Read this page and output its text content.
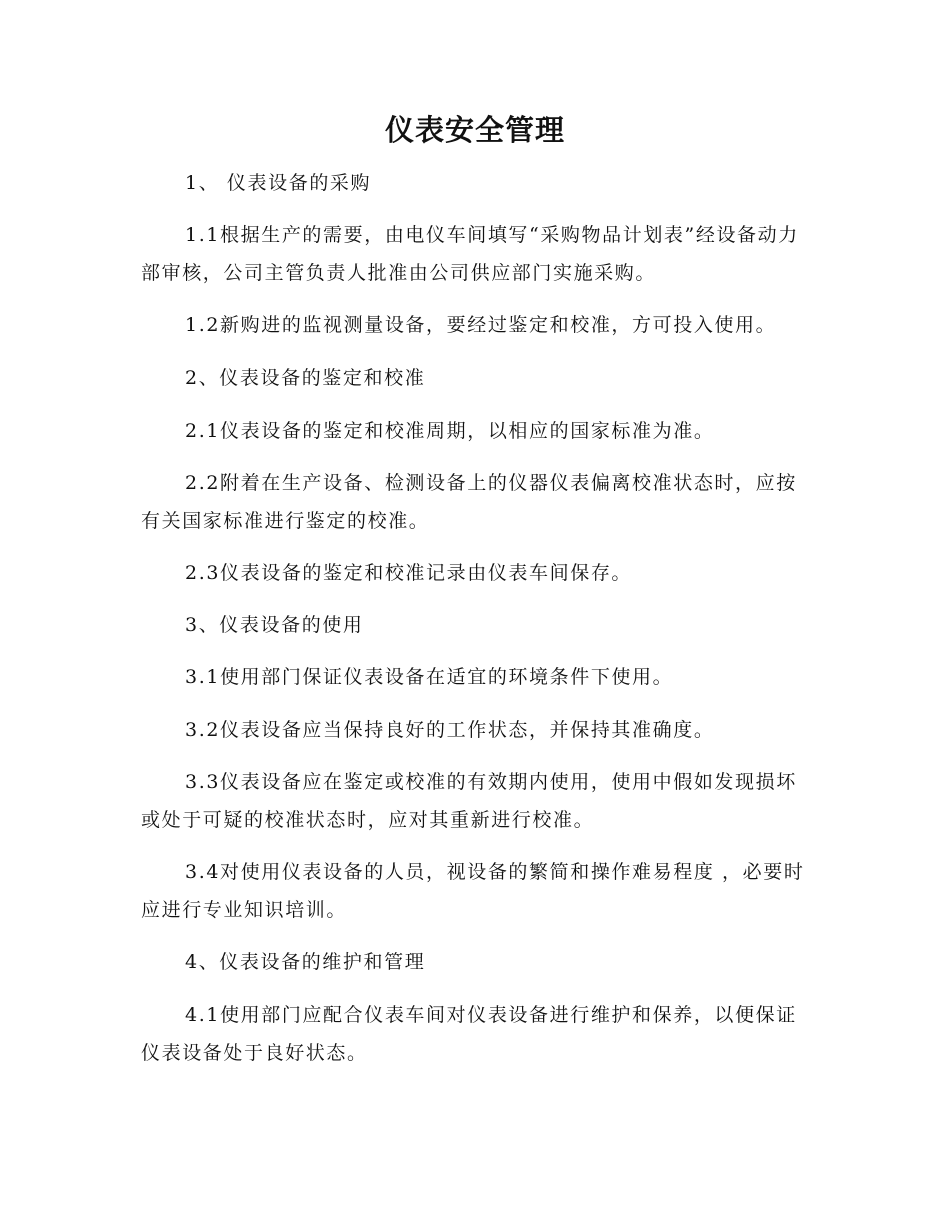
仪表安全管理
1、 仪表设备的采购
1.1根据生产的需要，由电仪车间填写“采购物品计划表”经设备动力部审核，公司主管负责人批准由公司供应部门实施采购。
1.2新购进的监视测量设备，要经过鉴定和校准，方可投入使用。
2、仪表设备的鉴定和校准
2.1仪表设备的鉴定和校准周期，以相应的国家标准为准。
2.2附着在生产设备、检测设备上的仪器仪表偏离校准状态时，应按有关国家标准进行鉴定的校准。
2.3仪表设备的鉴定和校准记录由仪表车间保存。
3、仪表设备的使用
3.1使用部门保证仪表设备在适宜的环境条件下使用。
3.2仪表设备应当保持良好的工作状态，并保持其准确度。
3.3仪表设备应在鉴定或校准的有效期内使用，使用中假如发现损坏或处于可疑的校准状态时，应对其重新进行校准。
3.4对使用仪表设备的人员，视设备的繁简和操作难易程度 ，必要时应进行专业知识培训。
4、仪表设备的维护和管理
4.1使用部门应配合仪表车间对仪表设备进行维护和保养，以便保证仪表设备处于良好状态。
